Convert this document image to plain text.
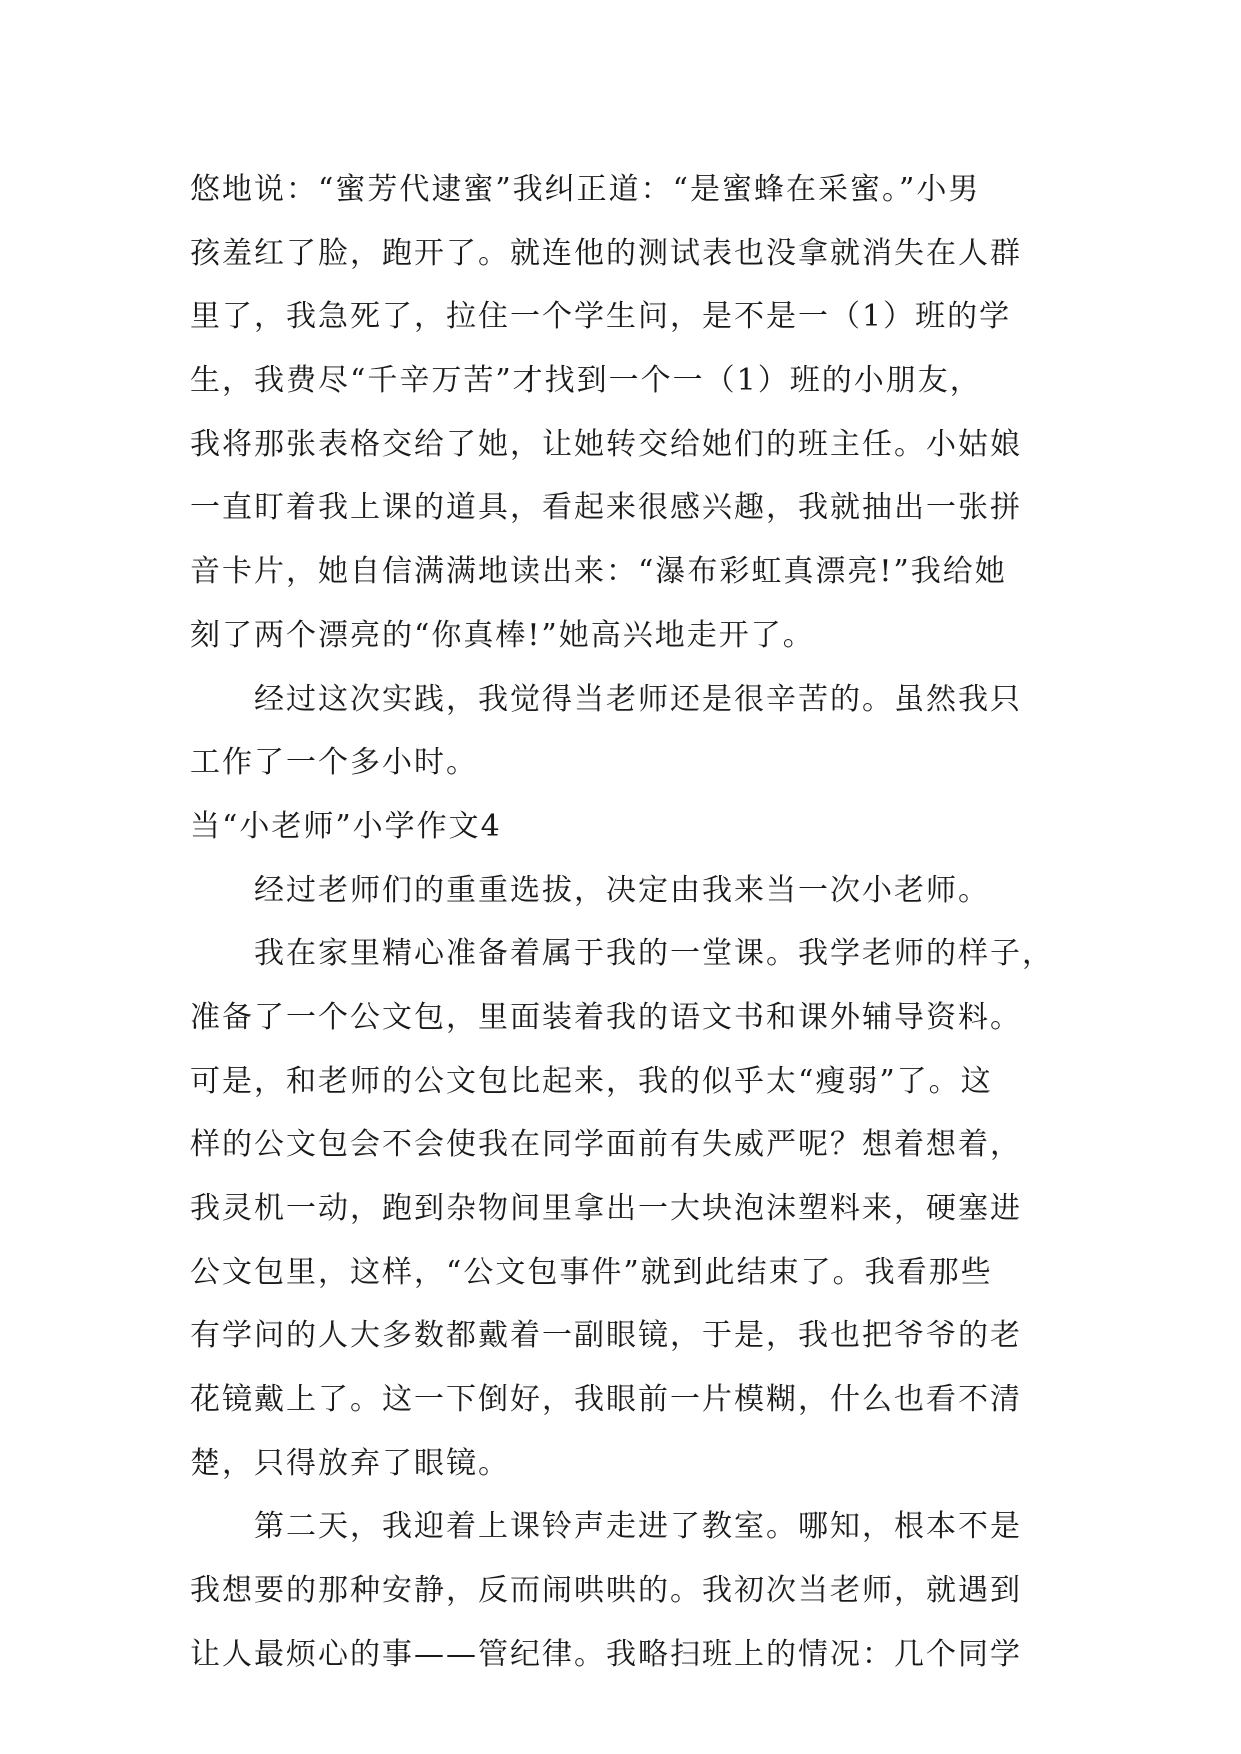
悠地说：“蜜芳代逮蜜”我纠正道：“是蜜蜂在采蜜。”小男
孩羞红了脸，跑开了。就连他的测试表也没拿就消失在人群
里了，我急死了，拉住一个学生问，是不是一（1）班的学
生，我费尽“千辛万苦”才找到一个一（1）班的小朋友，
我将那张表格交给了她，让她转交给她们的班主任。小姑娘
一直盯着我上课的道具，看起来很感兴趣，我就抽出一张拼
音卡片，她自信满满地读出来：“瀑布彩虹真漂亮!”我给她
刻了两个漂亮的“你真棒!”她高兴地走开了。
经过这次实践，我觉得当老师还是很辛苦的。虽然我只
工作了一个多小时。
当“小老师”小学作文4
经过老师们的重重选拔，决定由我来当一次小老师。
我在家里精心准备着属于我的一堂课。我学老师的样子，
准备了一个公文包，里面装着我的语文书和课外辅导资料。
可是，和老师的公文包比起来，我的似乎太“瘦弱”了。这
样的公文包会不会使我在同学面前有失威严呢？想着想着，
我灵机一动，跑到杂物间里拿出一大块泡沫塑料来，硬塞进
公文包里，这样，“公文包事件”就到此结束了。我看那些
有学问的人大多数都戴着一副眼镜，于是，我也把爷爷的老
花镜戴上了。这一下倒好，我眼前一片模糊，什么也看不清
楚，只得放弃了眼镜。
第二天，我迎着上课铃声走进了教室。哪知，根本不是
我想要的那种安静，反而闹哄哄的。我初次当老师，就遇到
让人最烦心的事——管纪律。我略扫班上的情况：几个同学
